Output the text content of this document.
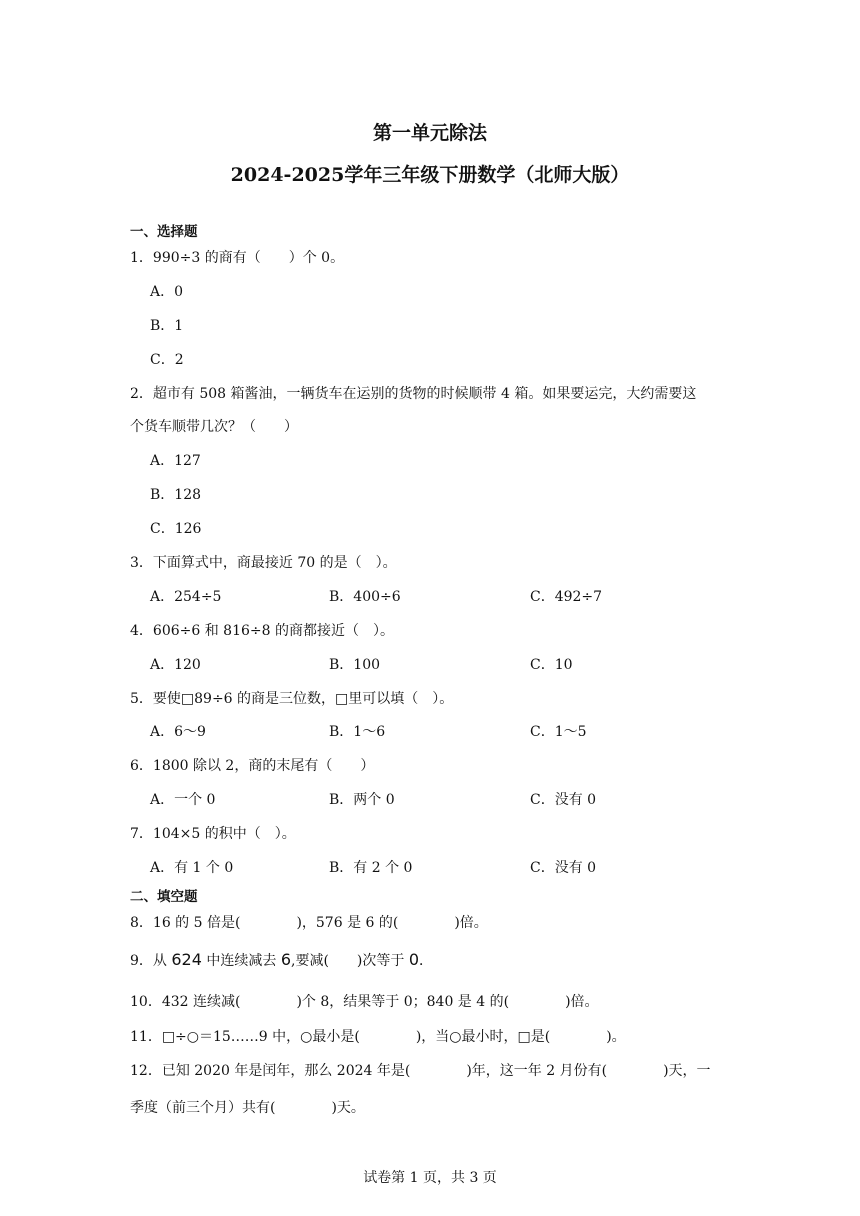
第一单元除法
2024-2025学年三年级下册数学（北师大版）
一、选择题
1．990÷3 的商有（　　）个 0。
A．0
B．1
C．2
2．超市有 508 箱酱油，一辆货车在运别的货物的时候顺带 4 箱。如果要运完，大约需要这
个货车顺带几次？（　　）
A．127
B．128
C．126
3．下面算式中，商最接近 70 的是（　）。
A．254÷5	B．400÷6	C．492÷7
4．606÷6 和 816÷8 的商都接近（　）。
A．120	B．100	C．10
5．要使□89÷6 的商是三位数，□里可以填（　）。
A．6～9	B．1～6	C．1～5
6．1800 除以 2，商的末尾有（　　）
A．一个 0	B．两个 0	C．没有 0
7．104×5 的积中（　）。
A．有 1 个 0	B．有 2 个 0	C．没有 0
二、填空题
8．16 的 5 倍是(　　　　)，576 是 6 的(　　　　)倍。
9．从 624 中连续减去 6,要减(　　)次等于 0．
10．432 连续减(　　　　)个 8，结果等于 0；840 是 4 的(　　　　)倍。
11．□÷○＝15……9 中，○最小是(　　　　)，当○最小时，□是(　　　　)。
12．已知 2020 年是闰年，那么 2024 年是(　　　　)年，这一年 2 月份有(　　　　)天，一
季度（前三个月）共有(　　　　)天。
试卷第 1 页，共 3 页
